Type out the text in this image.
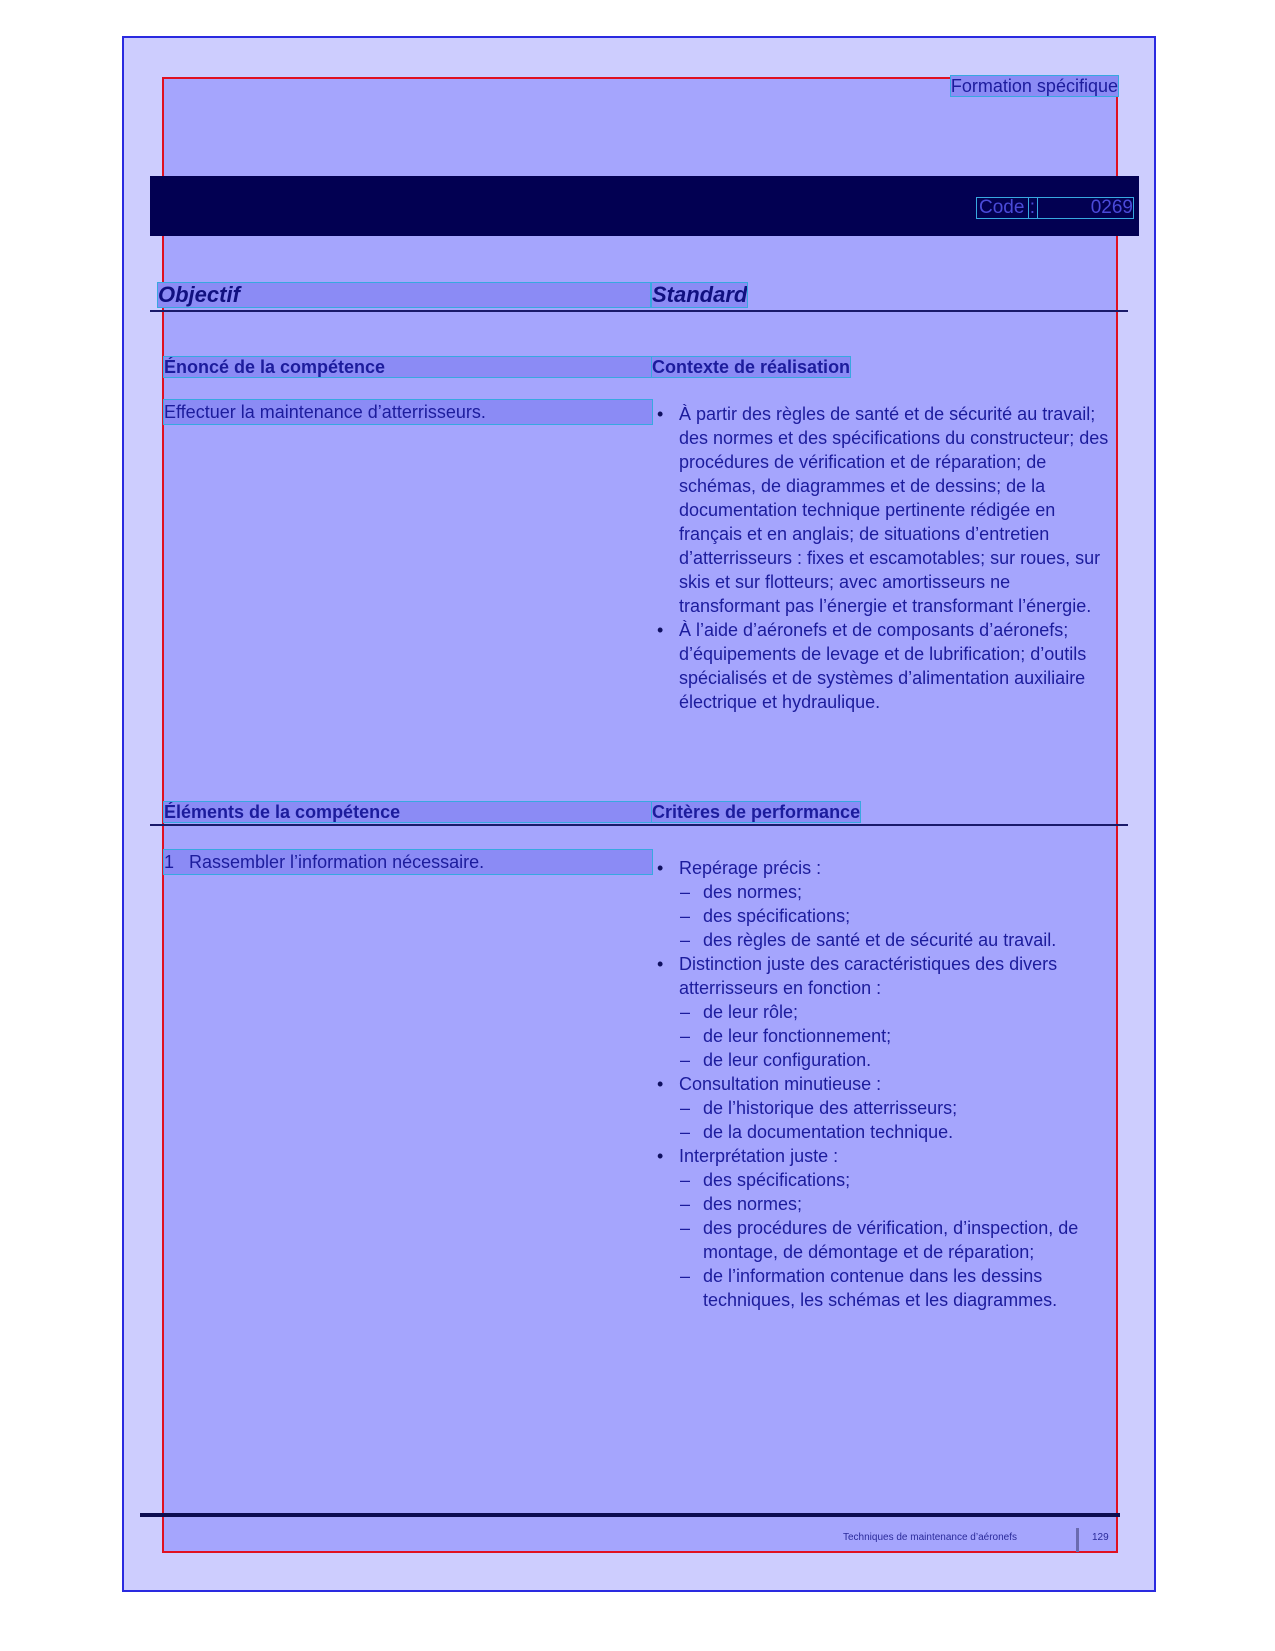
Formation spécifique
Code :	0269
Objectif	Standard
Énoncé de la compétence	Contexte de réalisation
Effectuer la maintenance d’atterrisseurs.	• À partir des règles de santé et de sécurité au travail; des normes et des spécifications du constructeur; des procédures de vérification et de réparation; de schémas, de diagrammes et de dessins; de la documentation technique pertinente rédigée en français et en anglais; de situations d’entretien d’atterrisseurs : fixes et escamotables; sur roues, sur skis et sur flotteurs; avec amortisseurs ne transformant pas l’énergie et transformant l’énergie.
• À l’aide d’aéronefs et de composants d’aéronefs; d’équipements de levage et de lubrification; d’outils spécialisés et de systèmes d’alimentation auxiliaire électrique et hydraulique.
Éléments de la compétence	Critères de performance
1 Rassembler l’information nécessaire.	• Repérage précis :
– des normes;
– des spécifications;
– des règles de santé et de sécurité au travail.
• Distinction juste des caractéristiques des divers atterrisseurs en fonction :
– de leur rôle;
– de leur fonctionnement;
– de leur configuration.
• Consultation minutieuse :
– de l’historique des atterrisseurs;
– de la documentation technique.
• Interprétation juste :
– des spécifications;
– des normes;
– des procédures de vérification, d’inspection, de montage, de démontage et de réparation;
– de l’information contenue dans les dessins techniques, les schémas et les diagrammes.
Techniques de maintenance d’aéronefs	129
